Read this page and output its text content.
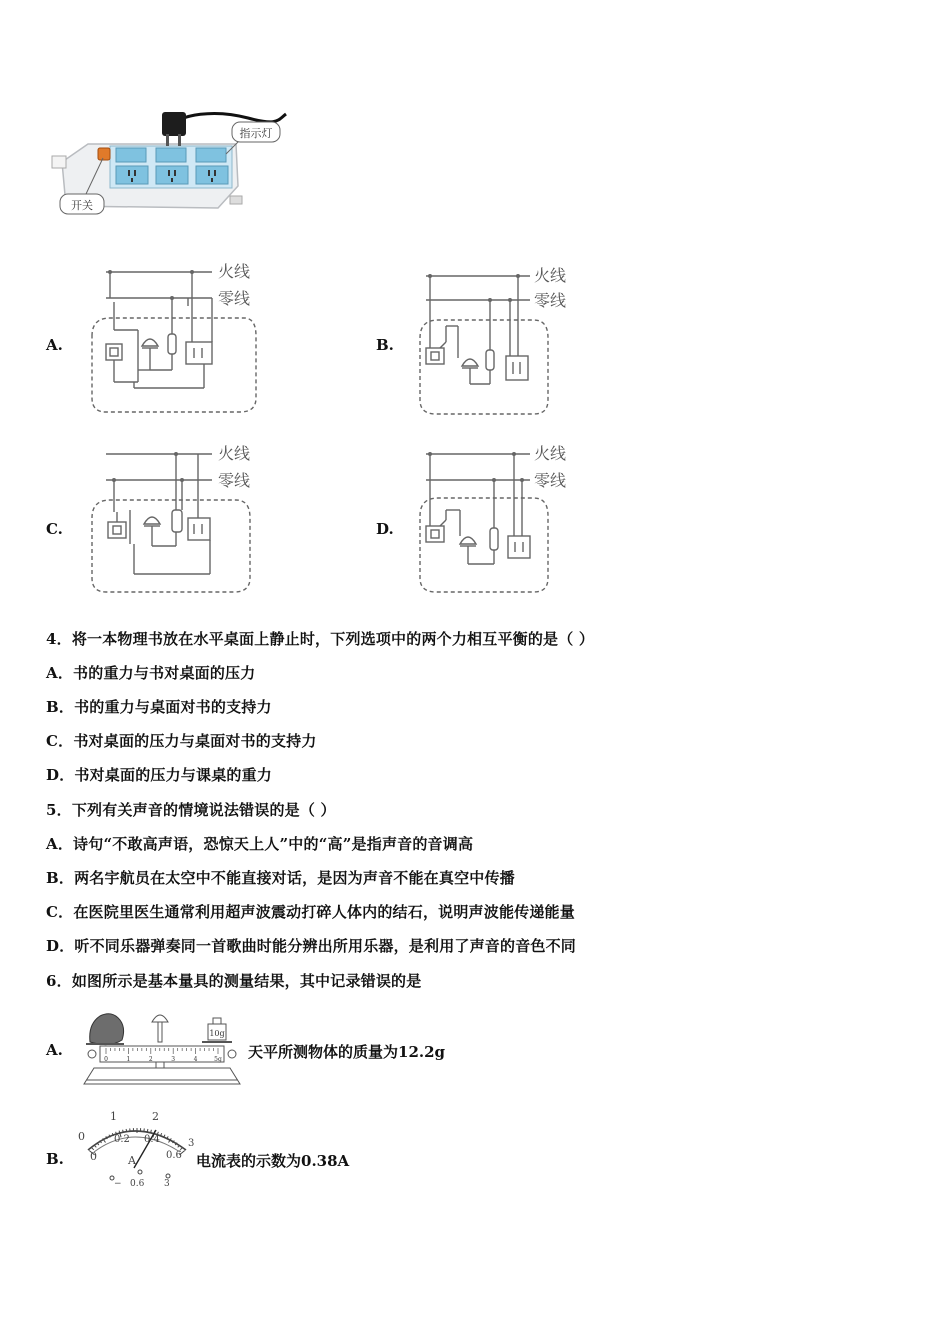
指示灯
开关
A.	B.
C.	D.
火线
零线
火线
零线
火线
零线
火线
零线
4．将一本物理书放在水平桌面上静止时，下列选项中的两个力相互平衡的是（ ）
A．书的重力与书对桌面的压力
B．书的重力与桌面对书的支持力
C．书对桌面的压力与桌面对书的支持力
D．书对桌面的压力与课桌的重力
5．下列有关声音的情境说法错误的是（ ）
A．诗句“不敢高声语，恐惊天上人”中的“高”是指声音的音调高
B．两名宇航员在太空中不能直接对话，是因为声音不能在真空中传播
C．在医院里医生通常利用超声波震动打碎人体内的结石，说明声波能传递能量
D．听不同乐器弹奏同一首歌曲时能分辨出所用乐器，是利用了声音的音色不同
6．如图所示是基本量具的测量结果，其中记录错误的是
A.
10g
0	1	2	3	4	5g 天平所测物体的质量为12.2g
B.
0
1	2
3
0
0.2 0.4
0.6
A
− 0.6 3
电流表的示数为0.38A
